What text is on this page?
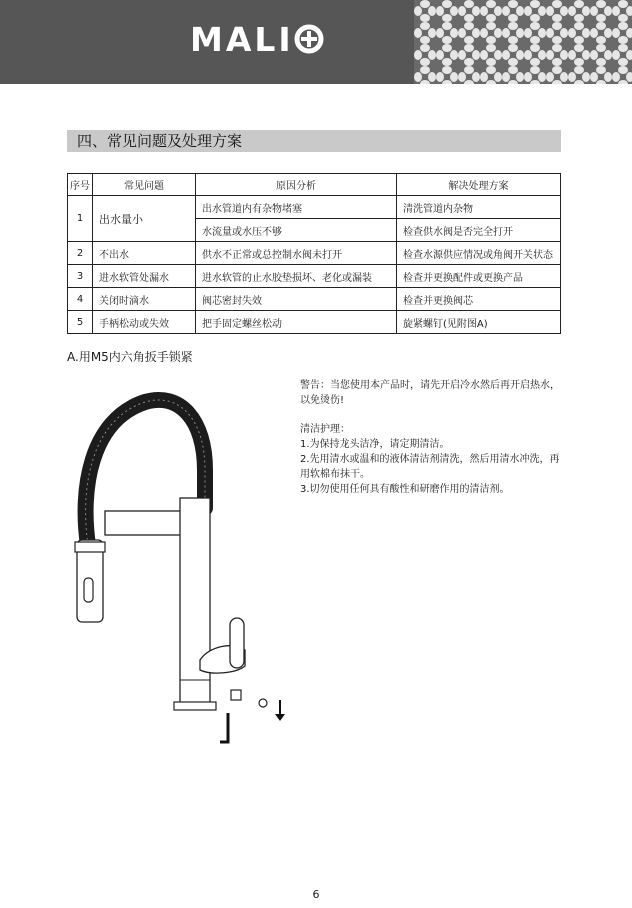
MALI
四、常见问题及处理方案
序号	常见问题	原因分析	解决处理方案
1	出水量小	出水管道内有杂物堵塞	清洗管道内杂物
		水流量或水压不够	检查供水阀是否完全打开
2	不出水	供水不正常或总控制水阀未打开	检查水源供应情况或角阀开关状态
3	进水软管处漏水	进水软管的止水胶垫损坏、老化或漏装	检查并更换配件或更换产品
4	关闭时滴水	阀芯密封失效	检查并更换阀芯
5	手柄松动或失效	把手固定螺丝松动	旋紧螺钉(见附图A)
A.用M5内六角扳手锁紧

警告：当您使用本产品时，请先开启冷水然后再开启热水，以免烫伤!

清洁护理：

1.为保持龙头洁净，请定期清洁。

2.先用清水或温和的液体清洁剂清洗，然后用清水冲洗，再用软棉布抹干。

3.切勿使用任何具有酸性和研磨作用的清洁剂。

6
